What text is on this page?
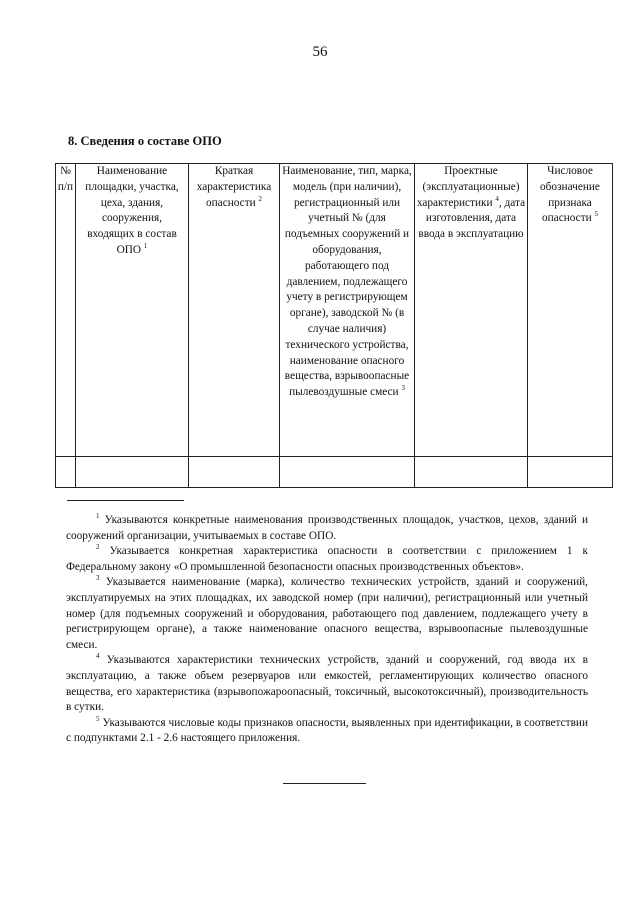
56
8. Сведения о составе ОПО
№ п/п	Наименование площадки, участка, цеха, здания, сооружения, входящих в состав ОПО $^1$	Краткая характеристика опасности $^2$	Наименование, тип, марка, модель (при наличии), регистрационный или учетный № (для подъемных сооружений и оборудования, работающего под давлением, подлежащего учету в регистрирующем органе), заводской № (в случае наличия) технического устройства, наименование опасного вещества, взрывоопасные пылевоздушные смеси $^3$	Проектные (эксплуатационные) характеристики $^4$, дата изготовления, дата ввода в эксплуатацию	Числовое обозначение признака опасности $^5$

$^1$ Указываются конкретные наименования производственных площадок, участков, цехов, зданий и сооружений организации, учитываемых в составе ОПО.

$^2$ Указывается конкретная характеристика опасности в соответствии с приложением 1 к Федеральному закону «О промышленной безопасности опасных производственных объектов».

$^3$ Указывается наименование (марка), количество технических устройств, зданий и сооружений, эксплуатируемых на этих площадках, их заводской номер (при наличии), регистрационный или учетный номер (для подъемных сооружений и оборудования, работающего под давлением, подлежащего учету в регистрирующем органе), а также наименование опасного вещества, взрывоопасные пылевоздушные смеси.

$^4$ Указываются характеристики технических устройств, зданий и сооружений, год ввода их в эксплуатацию, а также объем резервуаров или емкостей, регламентирующих количество опасного вещества, его характеристика (взрывопожароопасный, токсичный, высокотоксичный), производительность в сутки.

$^5$ Указываются числовые коды признаков опасности, выявленных при идентификации, в соответствии с подпунктами 2.1 - 2.6 настоящего приложения.
